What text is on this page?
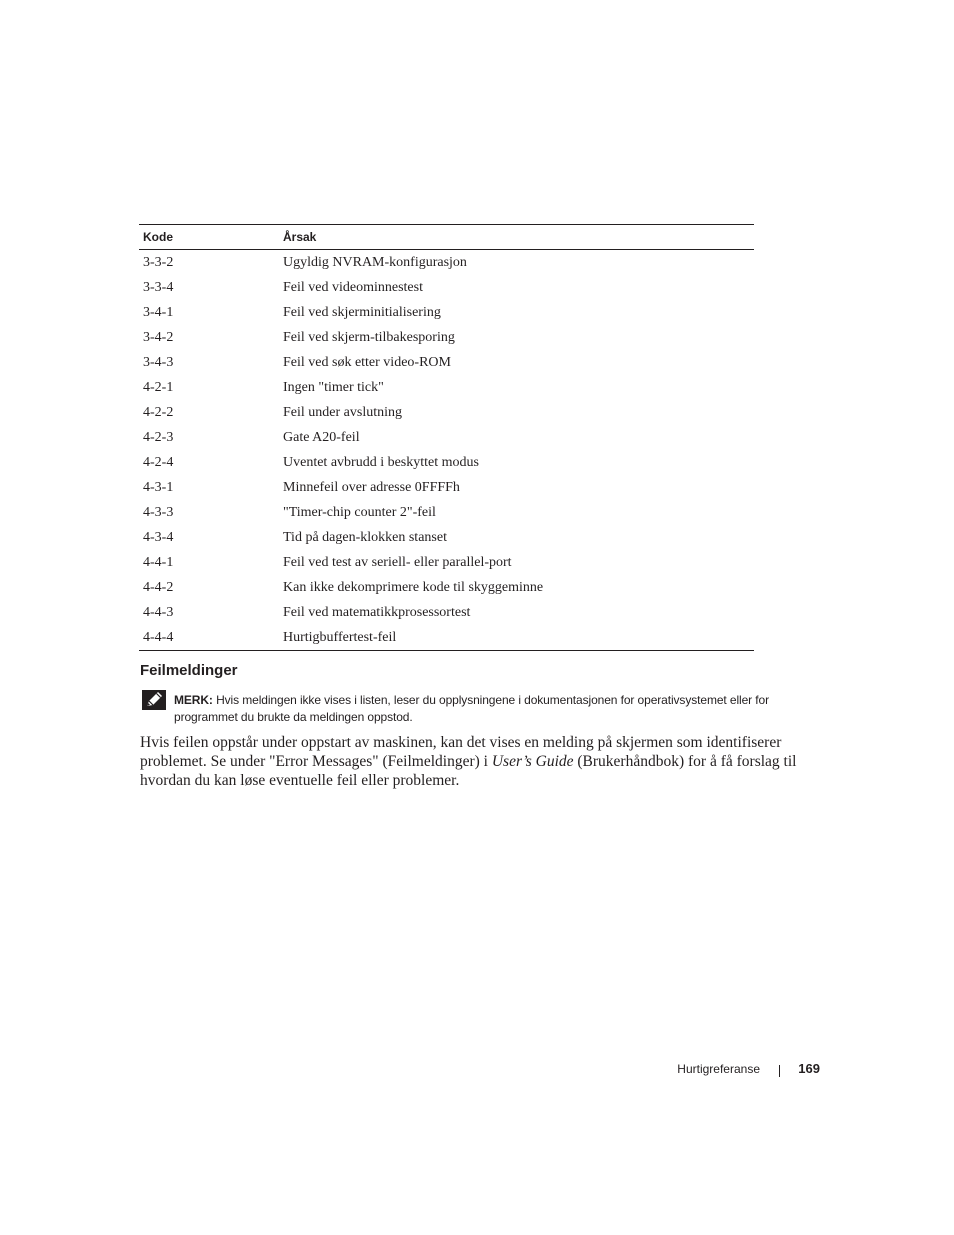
Kode	Årsak
3-3-2	Ugyldig NVRAM-konfigurasjon
3-3-4	Feil ved videominnestest
3-4-1	Feil ved skjerminitialisering
3-4-2	Feil ved skjerm-tilbakesporing
3-4-3	Feil ved søk etter video-ROM
4-2-1	Ingen "timer tick"
4-2-2	Feil under avslutning
4-2-3	Gate A20-feil
4-2-4	Uventet avbrudd i beskyttet modus
4-3-1	Minnefeil over adresse 0FFFFh
4-3-3	"Timer-chip counter 2"-feil
4-3-4	Tid på dagen-klokken stanset
4-4-1	Feil ved test av seriell- eller parallel-port
4-4-2	Kan ikke dekomprimere kode til skyggeminne
4-4-3	Feil ved matematikkprosessortest
4-4-4	Hurtigbuffertest-feil
Feilmeldinger
MERK: Hvis meldingen ikke vises i listen, leser du opplysningene i dokumentasjonen for operativsystemet eller for programmet du brukte da meldingen oppstod.

Hvis feilen oppstår under oppstart av maskinen, kan det vises en melding på skjermen som identifiserer problemet. Se under "Error Messages" (Feilmeldinger) i User’s Guide (Brukerhåndbok) for å få forslag til hvordan du kan løse eventuelle feil eller problemer.

Hurtigreferanse	169
